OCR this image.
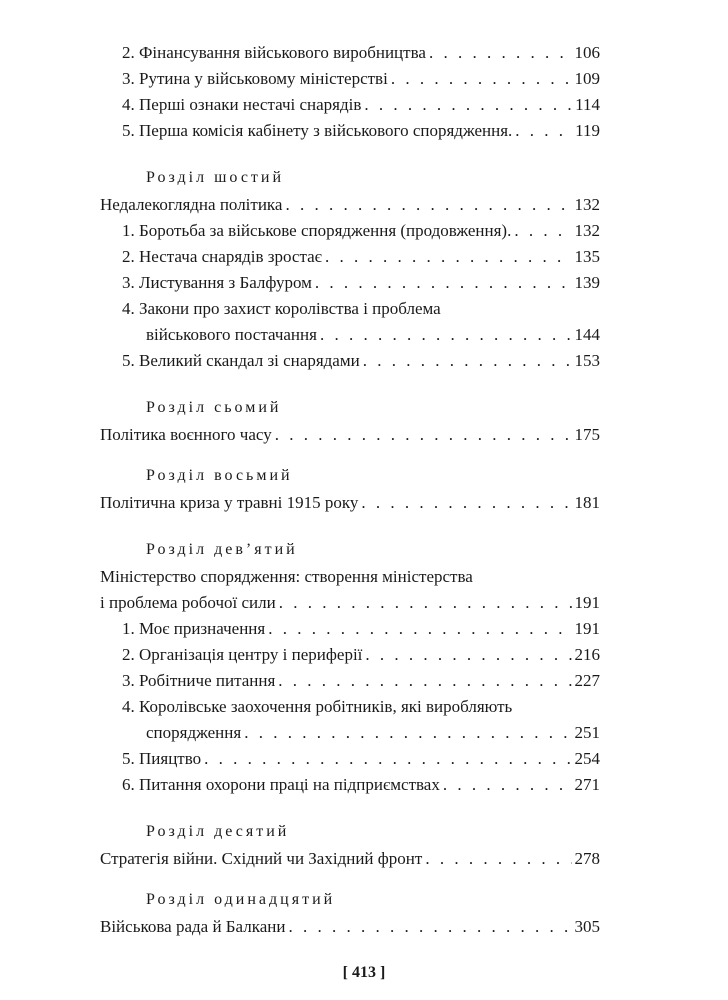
2. Фінансування військового виробництва . . .	106
3. Рутина у військовому міністерстві . . .	109
4. Перші ознаки нестачі снарядів . . .	114
5. Перша комісія кабінету з військового спорядження. . . .	119
Розділ шостий
Недалекоглядна політика . . .	132
1. Боротьба за військове спорядження (продовження). . . .	132
2. Нестача снарядів зростає . . .	135
3. Листування з Балфуром . . .	139
4. Закони про захист королівства і проблема
військового постачання . . .	144
5. Великий скандал зі снарядами . . .	153
Розділ сьомий
Політика воєнного часу . . .	175
Розділ восьмий
Політична криза у травні 1915 року . . .	181
Розділ дев’ятий
Міністерство спорядження: створення міністерства
і проблема робочої сили . . .	191
1. Моє призначення . . .	191
2. Організація центру і периферії . . .	216
3. Робітниче питання . . .	227
4. Королівське заохочення робітників, які виробляють
спорядження . . .	251
5. Пияцтво . . .	254
6. Питання охорони праці на підприємствах . . .	271
Розділ десятий
Стратегія війни. Східний чи Західний фронт . . .	278
Розділ одинадцятий
Військова рада й Балкани . . .	305
[ 413 ]
